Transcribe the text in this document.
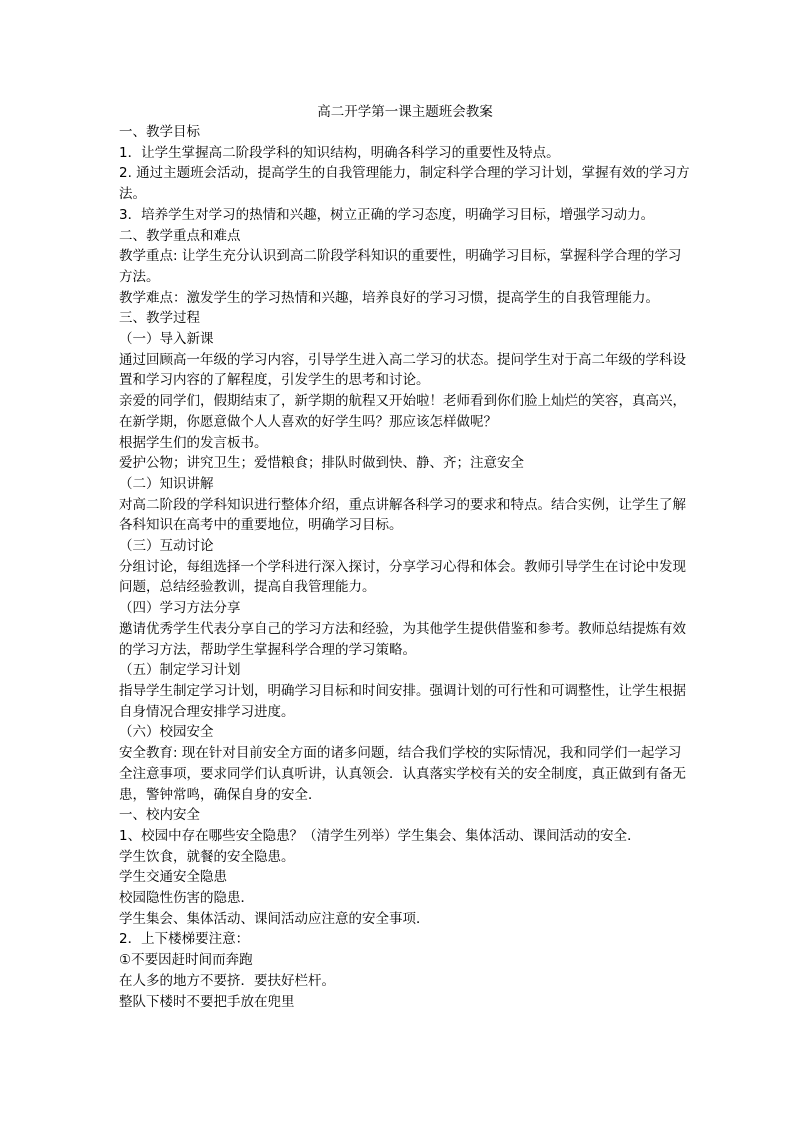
高二开学第一课主题班会教案

一、教学目标

1．让学生掌握高二阶段学科的知识结构，明确各科学习的重要性及特点。

2. 通过主题班会活动，提高学生的自我管理能力，制定科学合理的学习计划，掌握有效的学习方法。

3．培养学生对学习的热情和兴趣，树立正确的学习态度，明确学习目标，增强学习动力。

二、教学重点和难点

教学重点: 让学生充分认识到高二阶段学科知识的重要性，明确学习目标，掌握科学合理的学习方法。

教学难点：激发学生的学习热情和兴趣，培养良好的学习习惯，提高学生的自我管理能力。

三、教学过程

（一）导入新课

通过回顾高一年级的学习内容，引导学生进入高二学习的状态。提问学生对于高二年级的学科设置和学习内容的了解程度，引发学生的思考和讨论。

亲爱的同学们，假期结束了，新学期的航程又开始啦！老师看到你们脸上灿烂的笑容，真高兴，在新学期，你愿意做个人人喜欢的好学生吗？那应该怎样做呢？

根据学生们的发言板书。

爱护公物；讲究卫生；爱惜粮食；排队时做到快、静、齐；注意安全

（二）知识讲解

对高二阶段的学科知识进行整体介绍，重点讲解各科学习的要求和特点。结合实例，让学生了解各科知识在高考中的重要地位，明确学习目标。

（三）互动讨论

分组讨论，每组选择一个学科进行深入探讨，分享学习心得和体会。教师引导学生在讨论中发现问题，总结经验教训，提高自我管理能力。

（四）学习方法分享

邀请优秀学生代表分享自己的学习方法和经验，为其他学生提供借鉴和参考。教师总结提炼有效的学习方法，帮助学生掌握科学合理的学习策略。

（五）制定学习计划

指导学生制定学习计划，明确学习目标和时间安排。强调计划的可行性和可调整性，让学生根据自身情况合理安排学习进度。

（六）校园安全

安全教育: 现在针对目前安全方面的诸多问题，结合我们学校的实际情况，我和同学们一起学习全注意事项，要求同学们认真听讲，认真领会．认真落实学校有关的安全制度，真正做到有备无患，警钟常鸣，确保自身的安全．

一、校内安全

1、校园中存在哪些安全隐患？（清学生列举）学生集会、集体活动、课间活动的安全．

学生饮食，就餐的安全隐患。

学生交通安全隐患

校园隐性伤害的隐患．

学生集会、集体活动、课间活动应注意的安全事项．

2．上下楼梯要注意：

①不要因赶时间而奔跑

在人多的地方不要挤．要扶好栏杆。

整队下楼时不要把手放在兜里
